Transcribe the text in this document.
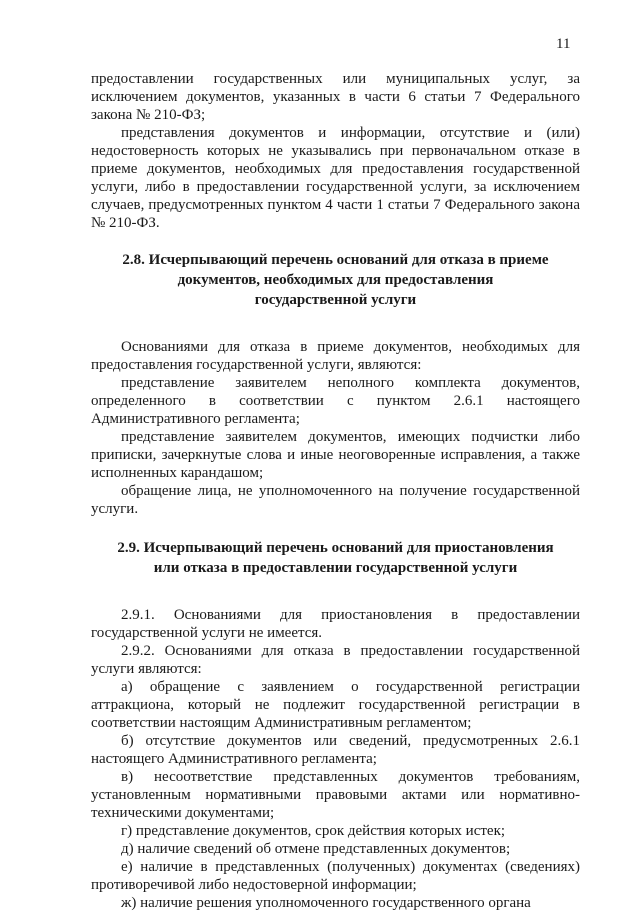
11

предоставлении государственных или муниципальных услуг, за исключением документов, указанных в части 6 статьи 7 Федерального закона № 210-ФЗ;

представления документов и информации, отсутствие и (или) недостоверность которых не указывались при первоначальном отказе в приеме документов, необходимых для предоставления государственной услуги, либо в предоставлении государственной услуги, за исключением случаев, предусмотренных пунктом 4 части 1 статьи 7 Федерального закона № 210-ФЗ.

2.8. Исчерпывающий перечень оснований для отказа в приеме
документов, необходимых для предоставления
государственной услуги

Основаниями для отказа в приеме документов, необходимых для предоставления государственной услуги, являются:

представление заявителем неполного комплекта документов, определенного в соответствии с пунктом 2.6.1 настоящего Административного регламента;

представление заявителем документов, имеющих подчистки либо приписки, зачеркнутые слова и иные неоговоренные исправления, а также исполненных карандашом;

обращение лица, не уполномоченного на получение государственной услуги.

2.9. Исчерпывающий перечень оснований для приостановления
или отказа в предоставлении государственной услуги

2.9.1. Основаниями для приостановления в предоставлении государственной услуги не имеется.

2.9.2. Основаниями для отказа в предоставлении государственной услуги являются:

а) обращение с заявлением о государственной регистрации аттракциона, который не подлежит государственной регистрации в соответствии настоящим Административным регламентом;

б) отсутствие документов или сведений, предусмотренных 2.6.1 настоящего Административного регламента;

в) несоответствие представленных документов требованиям, установленным нормативными правовыми актами или нормативно-техническими документами;

г) представление документов, срок действия которых истек;

д) наличие сведений об отмене представленных документов;

е) наличие в представленных (полученных) документах (сведениях) противоречивой либо недостоверной информации;

ж) наличие решения уполномоченного государственного органа
